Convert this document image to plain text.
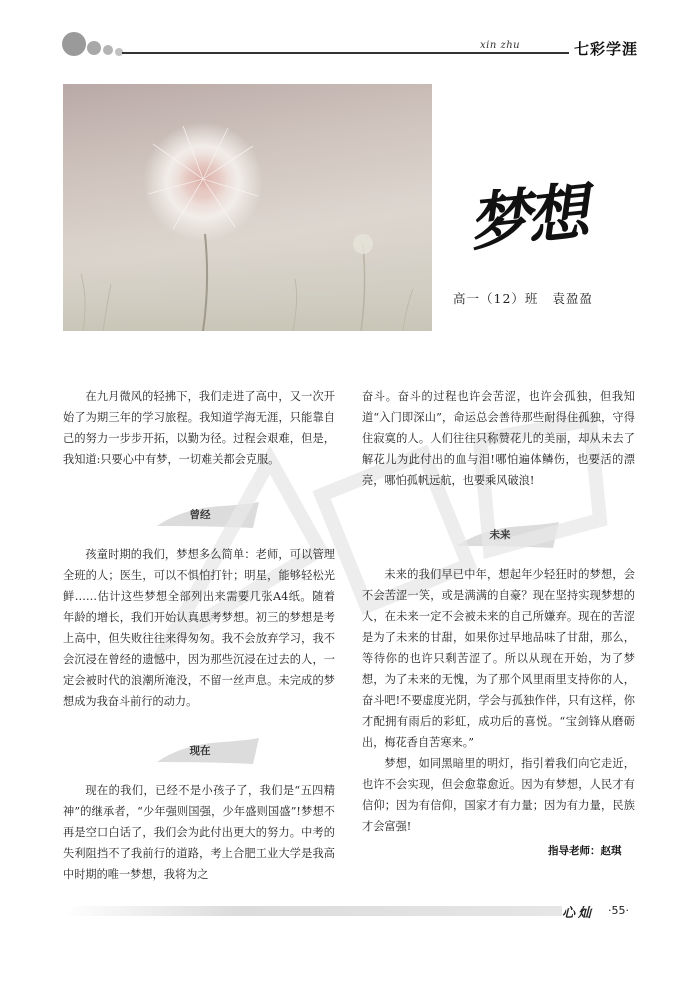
xin zhu	七彩学涯
梦想
高一（12）班 袁盈盈

在九月微风的轻拂下，我们走进了高中，又一次开始了为期三年的学习旅程。我知道学海无涯，只能靠自己的努力一步步开拓，以勤为径。过程会艰难，但是，我知道:只要心中有梦，一切难关都会克服。

曾经

孩童时期的我们，梦想多么简单：老师，可以管理全班的人；医生，可以不惧怕打针；明星，能够轻松光鲜……估计这些梦想全部列出来需要几张A4纸。随着年龄的增长，我们开始认真思考梦想。初三的梦想是考上高中，但失败往往来得匆匆。我不会放弃学习，我不会沉浸在曾经的遗憾中，因为那些沉浸在过去的人，一定会被时代的浪潮所淹没，不留一丝声息。未完成的梦想成为我奋斗前行的动力。

现在

现在的我们，已经不是小孩子了，我们是“五四精神”的继承者，“少年强则国强，少年盛则国盛”!梦想不再是空口白话了，我们会为此付出更大的努力。中考的失利阻挡不了我前行的道路，考上合肥工业大学是我高中时期的唯一梦想，我将为之

奋斗。奋斗的过程也许会苦涩，也许会孤独，但我知道“入门即深山”，命运总会善待那些耐得住孤独，守得住寂寞的人。人们往往只称赞花儿的美丽，却从未去了解花儿为此付出的血与泪!哪怕遍体鳞伤，也要活的漂亮，哪怕孤帆远航，也要乘风破浪!

未来

未来的我们早已中年，想起年少轻狂时的梦想，会不会苦涩一笑，或是满满的自豪？现在坚持实现梦想的人，在未来一定不会被未来的自己所嫌弃。现在的苦涩是为了未来的甘甜，如果你过早地品味了甘甜，那么，等待你的也许只剩苦涩了。所以从现在开始，为了梦想，为了未来的无愧，为了那个风里雨里支持你的人，奋斗吧!不要虚度光阴，学会与孤独作伴，只有这样，你才配拥有雨后的彩虹，成功后的喜悦。“宝剑锋从磨砺出，梅花香自苦寒来。”

梦想，如同黑暗里的明灯，指引着我们向它走近，也许不会实现，但会愈靠愈近。因为有梦想，人民才有信仰；因为有信仰，国家才有力量；因为有力量，民族才会富强!

指导老师：赵琪
心灿 ·55·
